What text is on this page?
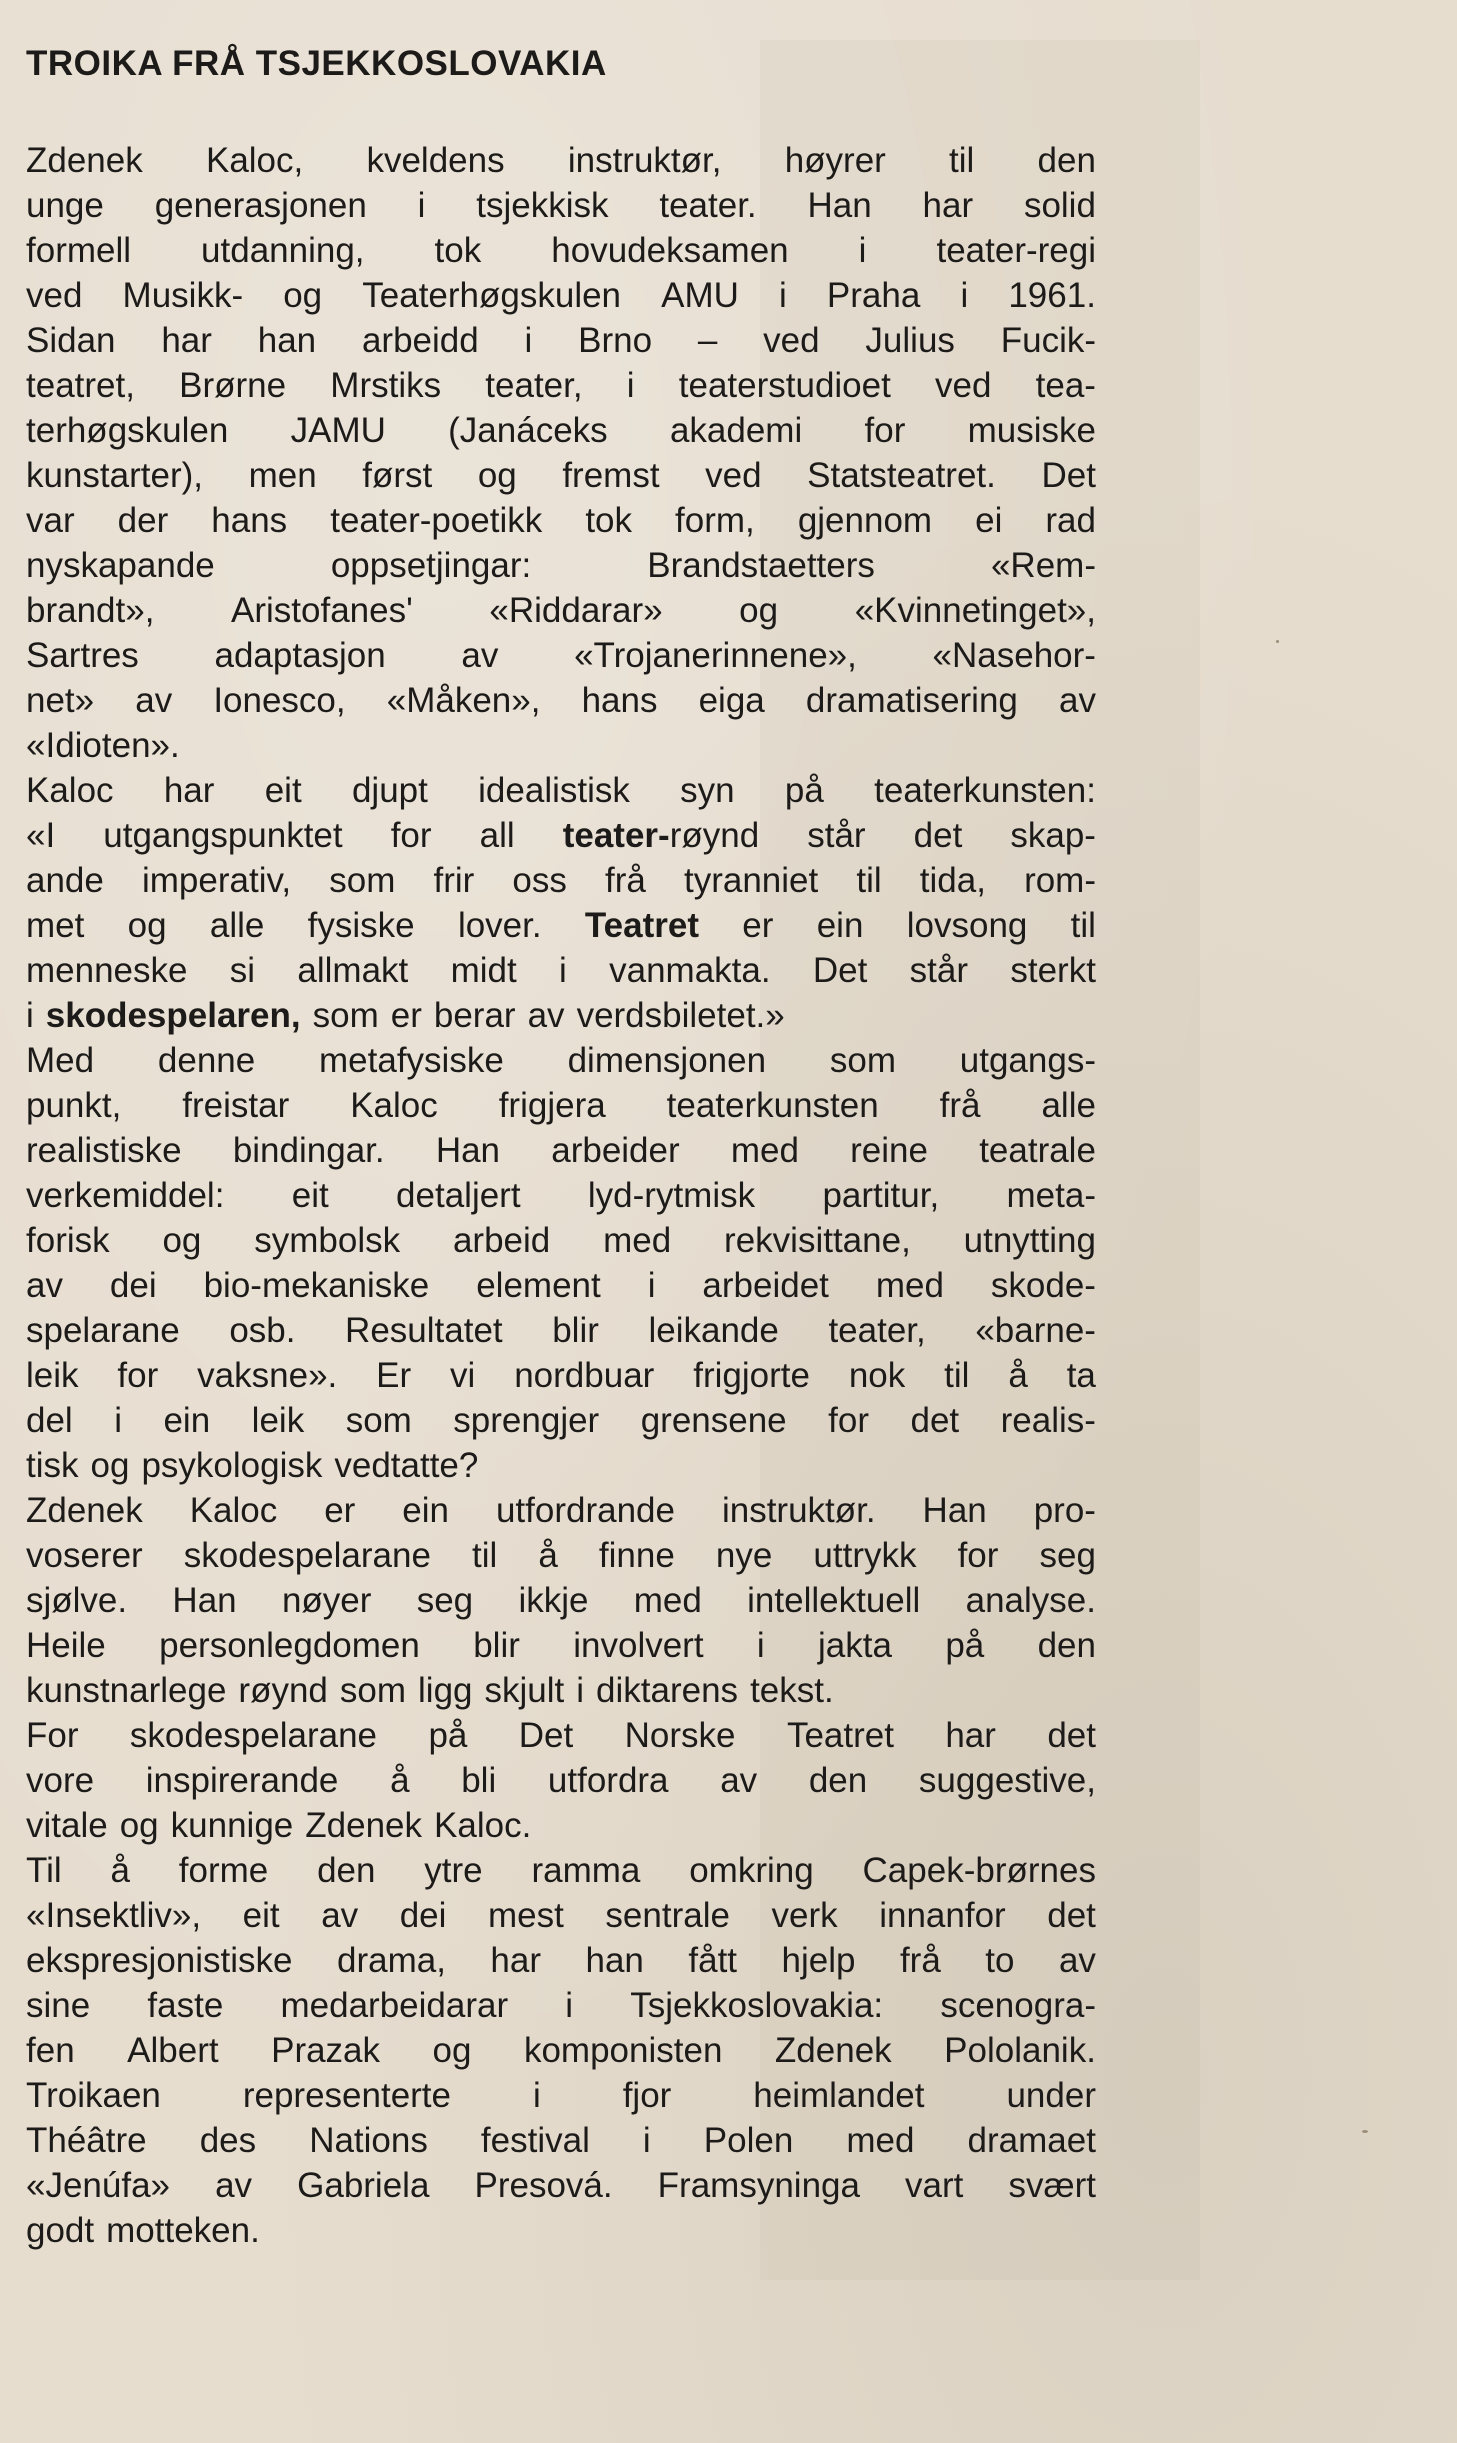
TROIKA FRÅ TSJEKKOSLOVAKIA
Zdenek Kaloc, kveldens instruktør, høyrer til den
unge generasjonen i tsjekkisk teater. Han har solid
formell utdanning, tok hovudeksamen i teater-regi
ved Musikk- og Teaterhøgskulen AMU i Praha i 1961.
Sidan har han arbeidd i Brno – ved Julius Fucik-
teatret, Brørne Mrstiks teater, i teaterstudioet ved tea-
terhøgskulen JAMU (Janáceks akademi for musiske
kunstarter), men først og fremst ved Statsteatret. Det
var der hans teater-poetikk tok form, gjennom ei rad
nyskapande	oppsetjingar:	Brandstaetters	«Rem-
brandt», Aristofanes' «Riddarar» og «Kvinnetinget»,
Sartres adaptasjon av «Trojanerinnene», «Nasehor-
net» av Ionesco, «Måken», hans eiga dramatisering av
«Idioten».
Kaloc har eit djupt idealistisk syn på teaterkunsten:
«I utgangspunktet for all teater-røynd står det skap-
ande imperativ, som frir oss frå tyranniet til tida, rom-
met og alle fysiske lover. Teatret er ein lovsong til
menneske si allmakt midt i vanmakta. Det står sterkt
i skodespelaren, som er berar av verdsbiletet.»
Med denne metafysiske dimensjonen som utgangs-
punkt, freistar Kaloc frigjera teaterkunsten frå alle
realistiske bindingar. Han arbeider med reine teatrale
verkemiddel: eit detaljert lyd-rytmisk partitur, meta-
forisk og symbolsk arbeid med rekvisittane, utnytting
av dei bio-mekaniske element i arbeidet med skode-
spelarane osb. Resultatet blir leikande teater, «barne-
leik for vaksne». Er vi nordbuar frigjorte nok til å ta
del i ein leik som sprengjer grensene for det realis-
tisk og psykologisk vedtatte?
Zdenek Kaloc er ein utfordrande instruktør. Han pro-
voserer skodespelarane til å finne nye uttrykk for seg
sjølve. Han nøyer seg ikkje med intellektuell analyse.
Heile personlegdomen blir involvert i jakta på den
kunstnarlege røynd som ligg skjult i diktarens tekst.
For skodespelarane på Det Norske Teatret har det
vore inspirerande å bli utfordra av den suggestive,
vitale og kunnige Zdenek Kaloc.
Til å forme den ytre ramma omkring Capek-brørnes
«Insektliv», eit av dei mest sentrale verk innanfor det
ekspresjonistiske drama, har han fått hjelp frå to av
sine faste medarbeidarar i Tsjekkoslovakia: scenogra-
fen Albert Prazak og komponisten Zdenek Pololanik.
Troikaen representerte i fjor heimlandet under
Théâtre des Nations festival i Polen med dramaet
«Jenúfa» av Gabriela Presová. Framsyninga vart svært
godt motteken.
